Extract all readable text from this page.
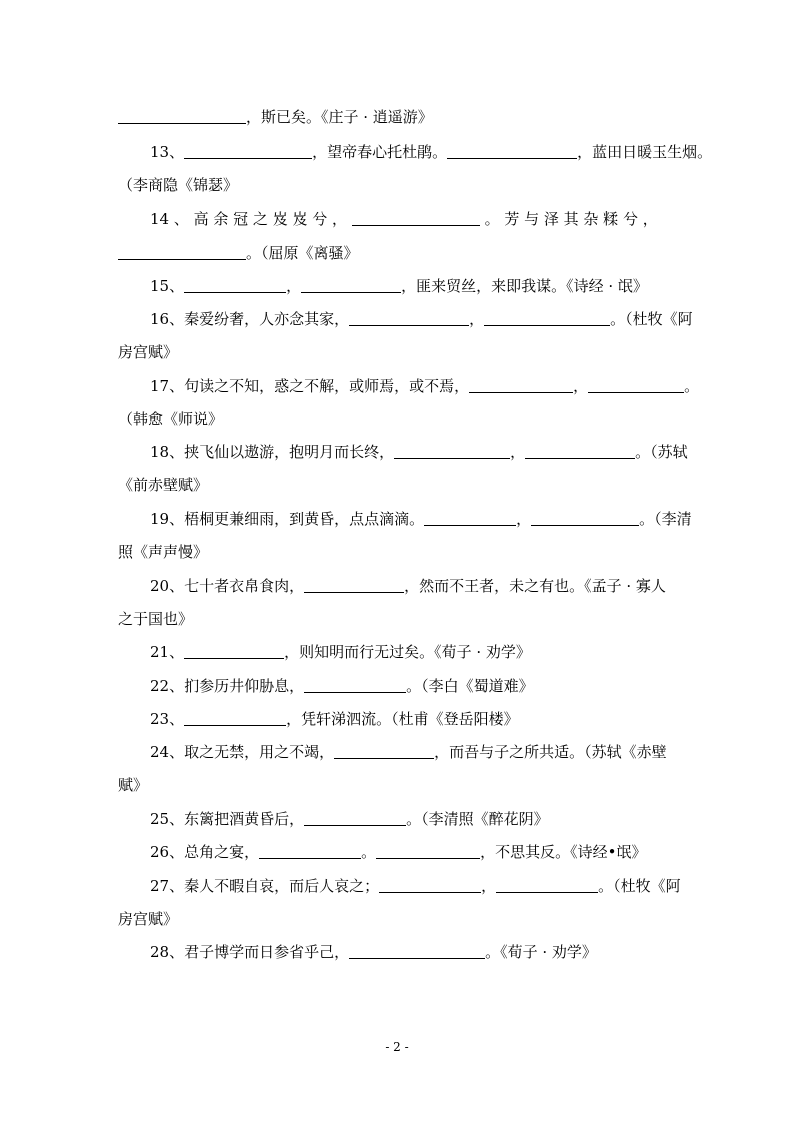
，斯已矣。《庄子 · 逍遥游》
13、	，望帝春心托杜鹃。	，蓝田日暖玉生烟。
（李商隐《锦瑟》
14 、 高 余 冠 之 岌 岌 兮 ，	。 芳 与 泽 其 杂 糅 兮 ，
。（屈原《离骚》
15、	，	，匪来贸丝，来即我谋。《诗经 · 氓》
16、秦爱纷奢，人亦念其家，	，	。（杜牧《阿
房宫赋》
17、句读之不知，惑之不解，或师焉，或不焉，	，	。
（韩愈《师说》
18、挟飞仙以遨游，抱明月而长终，	，	。（苏轼
《前赤壁赋》
19、梧桐更兼细雨，到黄昏，点点滴滴。	，	。（李清
照《声声慢》
20、七十者衣帛食肉，	，然而不王者，未之有也。《孟子 · 寡人
之于国也》
21、	，则知明而行无过矣。《荀子 · 劝学》
22、扪参历井仰胁息，	。（李白《蜀道难》
23、	，凭轩涕泗流。（杜甫《登岳阳楼》
24、取之无禁，用之不竭，	，而吾与子之所共适。（苏轼《赤壁
赋》
25、东篱把酒黄昏后，	。（李清照《醉花阴》
26、总角之宴，	。	，不思其反。《诗经•氓》
27、秦人不暇自哀，而后人哀之；	，	。（杜牧《阿
房宫赋》
28、君子博学而日参省乎己，	。《荀子 · 劝学》
- 2 -
